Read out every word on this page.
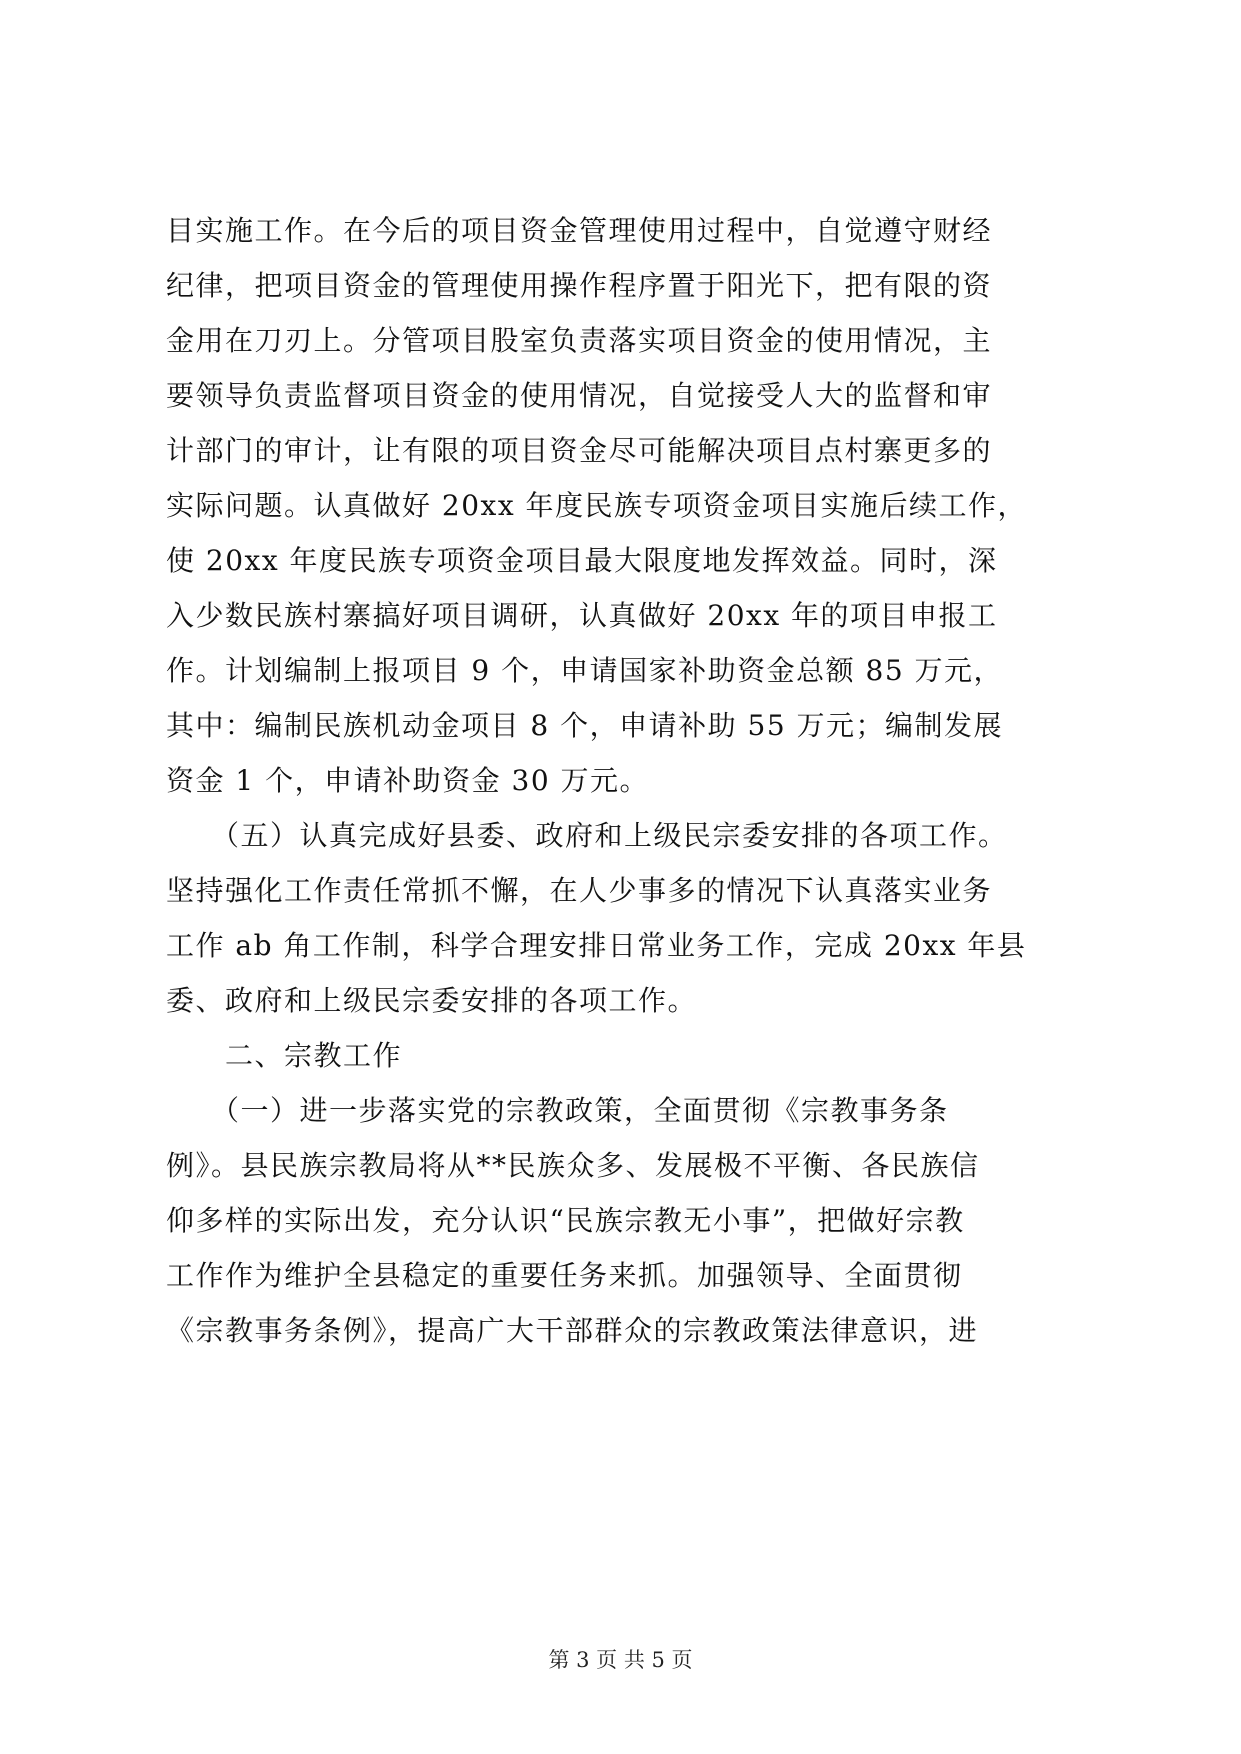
目实施工作。在今后的项目资金管理使用过程中，自觉遵守财经
纪律，把项目资金的管理使用操作程序置于阳光下，把有限的资
金用在刀刃上。分管项目股室负责落实项目资金的使用情况，主
要领导负责监督项目资金的使用情况，自觉接受人大的监督和审
计部门的审计，让有限的项目资金尽可能解决项目点村寨更多的
实际问题。认真做好 20xx 年度民族专项资金项目实施后续工作，
使 20xx 年度民族专项资金项目最大限度地发挥效益。同时，深
入少数民族村寨搞好项目调研，认真做好 20xx 年的项目申报工
作。计划编制上报项目 9 个，申请国家补助资金总额 85 万元，
其中：编制民族机动金项目 8 个，申请补助 55 万元；编制发展
资金 1 个，申请补助资金 30 万元。
　　（五）认真完成好县委、政府和上级民宗委安排的各项工作。
坚持强化工作责任常抓不懈，在人少事多的情况下认真落实业务
工作 ab 角工作制，科学合理安排日常业务工作，完成 20xx 年县
委、政府和上级民宗委安排的各项工作。
　　二、宗教工作
　　（一）进一步落实党的宗教政策，全面贯彻《宗教事务条
例》。县民族宗教局将从**民族众多、发展极不平衡、各民族信
仰多样的实际出发，充分认识“民族宗教无小事”，把做好宗教
工作作为维护全县稳定的重要任务来抓。加强领导、全面贯彻
《宗教事务条例》，提高广大干部群众的宗教政策法律意识，进
第 3 页 共 5 页
